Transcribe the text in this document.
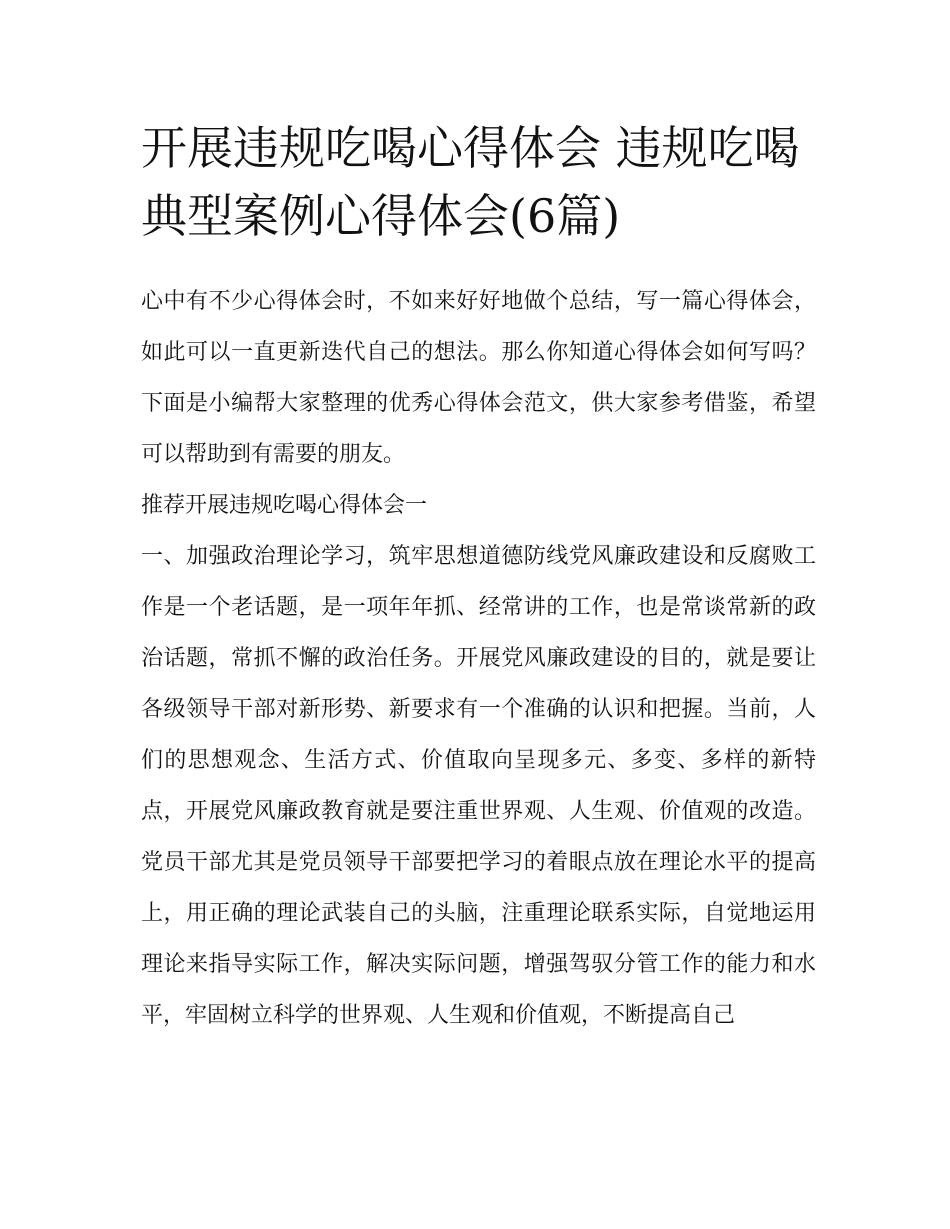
开展违规吃喝心得体会 违规吃喝典型案例心得体会(6篇)

心中有不少心得体会时，不如来好好地做个总结，写一篇心得体会，如此可以一直更新迭代自己的想法。那么你知道心得体会如何写吗？下面是小编帮大家整理的优秀心得体会范文，供大家参考借鉴，希望可以帮助到有需要的朋友。

推荐开展违规吃喝心得体会一

一、加强政治理论学习，筑牢思想道德防线党风廉政建设和反腐败工作是一个老话题，是一项年年抓、经常讲的工作，也是常谈常新的政治话题，常抓不懈的政治任务。开展党风廉政建设的目的，就是要让各级领导干部对新形势、新要求有一个准确的认识和把握。当前，人们的思想观念、生活方式、价值取向呈现多元、多变、多样的新特点，开展党风廉政教育就是要注重世界观、人生观、价值观的改造。党员干部尤其是党员领导干部要把学习的着眼点放在理论水平的提高上，用正确的理论武装自己的头脑，注重理论联系实际，自觉地运用理论来指导实际工作，解决实际问题，增强驾驭分管工作的能力和水平，牢固树立科学的世界观、人生观和价值观，不断提高自己
